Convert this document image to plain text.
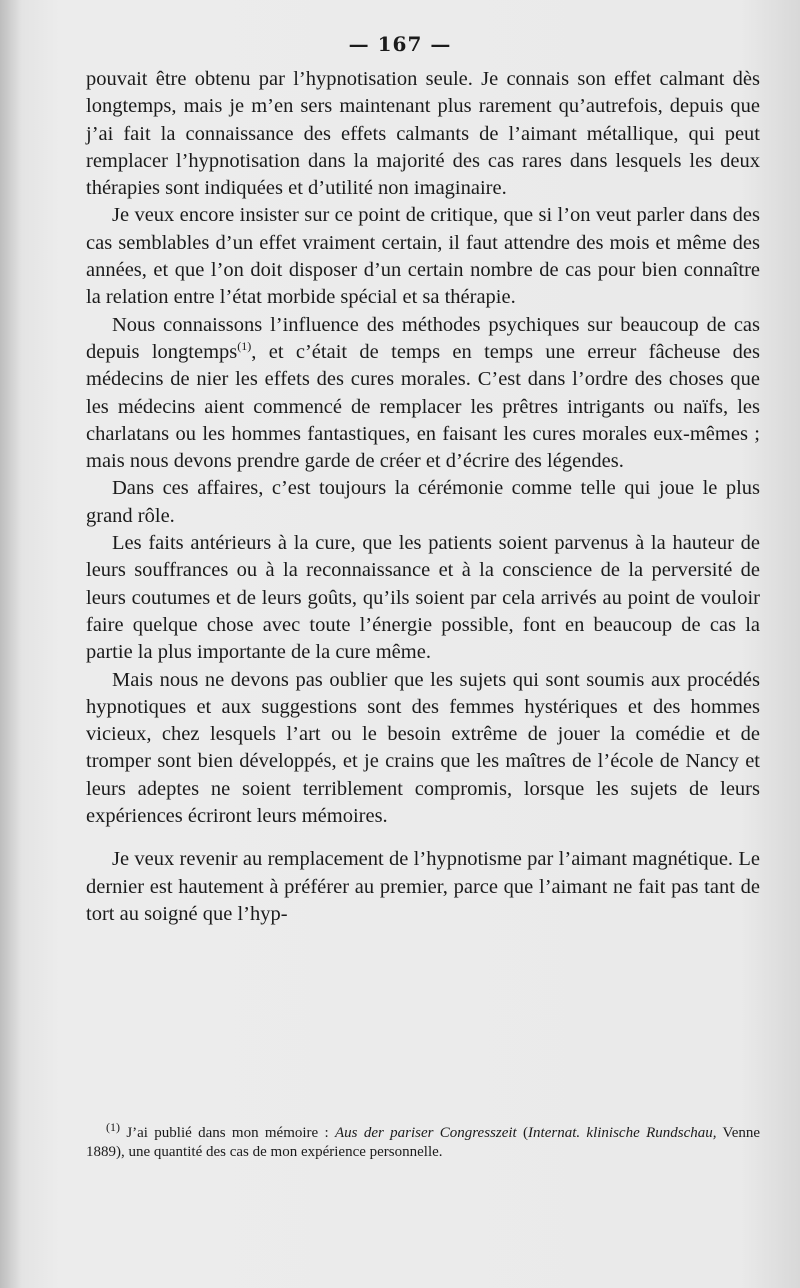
— 167 —

pouvait être obtenu par l’hypnotisation seule. Je connais son effet calmant dès longtemps, mais je m’en sers maintenant plus rarement qu’autrefois, depuis que j’ai fait la connaissance des effets calmants de l’aimant métallique, qui peut remplacer l’hypnotisation dans la majorité des cas rares dans lesquels les deux thérapies sont indiquées et d’utilité non imaginaire.

Je veux encore insister sur ce point de critique, que si l’on veut parler dans des cas semblables d’un effet vraiment certain, il faut attendre des mois et même des années, et que l’on doit disposer d’un certain nombre de cas pour bien connaître la relation entre l’état morbide spécial et sa thérapie.

Nous connaissons l’influence des méthodes psychiques sur beaucoup de cas depuis longtemps$^{(1)}$, et c’était de temps en temps une erreur fâcheuse des médecins de nier les effets des cures morales. C’est dans l’ordre des choses que les médecins aient commencé de remplacer les prêtres intrigants ou naïfs, les charlatans ou les hommes fantastiques, en faisant les cures morales eux-mêmes ; mais nous devons prendre garde de créer et d’écrire des légendes.

Dans ces affaires, c’est toujours la cérémonie comme telle qui joue le plus grand rôle.

Les faits antérieurs à la cure, que les patients soient parvenus à la hauteur de leurs souffrances ou à la reconnaissance et à la conscience de la perversité de leurs coutumes et de leurs goûts, qu’ils soient par cela arrivés au point de vouloir faire quelque chose avec toute l’énergie possible, font en beaucoup de cas la partie la plus importante de la cure même.

Mais nous ne devons pas oublier que les sujets qui sont soumis aux procédés hypnotiques et aux suggestions sont des femmes hystériques et des hommes vicieux, chez lesquels l’art ou le besoin extrême de jouer la comédie et de tromper sont bien développés, et je crains que les maîtres de l’école de Nancy et leurs adeptes ne soient terriblement compromis, lorsque les sujets de leurs expériences écriront leurs mémoires.

Je veux revenir au remplacement de l’hypnotisme par l’aimant magnétique. Le dernier est hautement à préférer au premier, parce que l’aimant ne fait pas tant de tort au soigné que l’hyp-

$^{(1)}$ J’ai publié dans mon mémoire : Aus der pariser Congresszeit (Internat. klinische Rundschau, Venne 1889), une quantité des cas de mon expérience personnelle.
